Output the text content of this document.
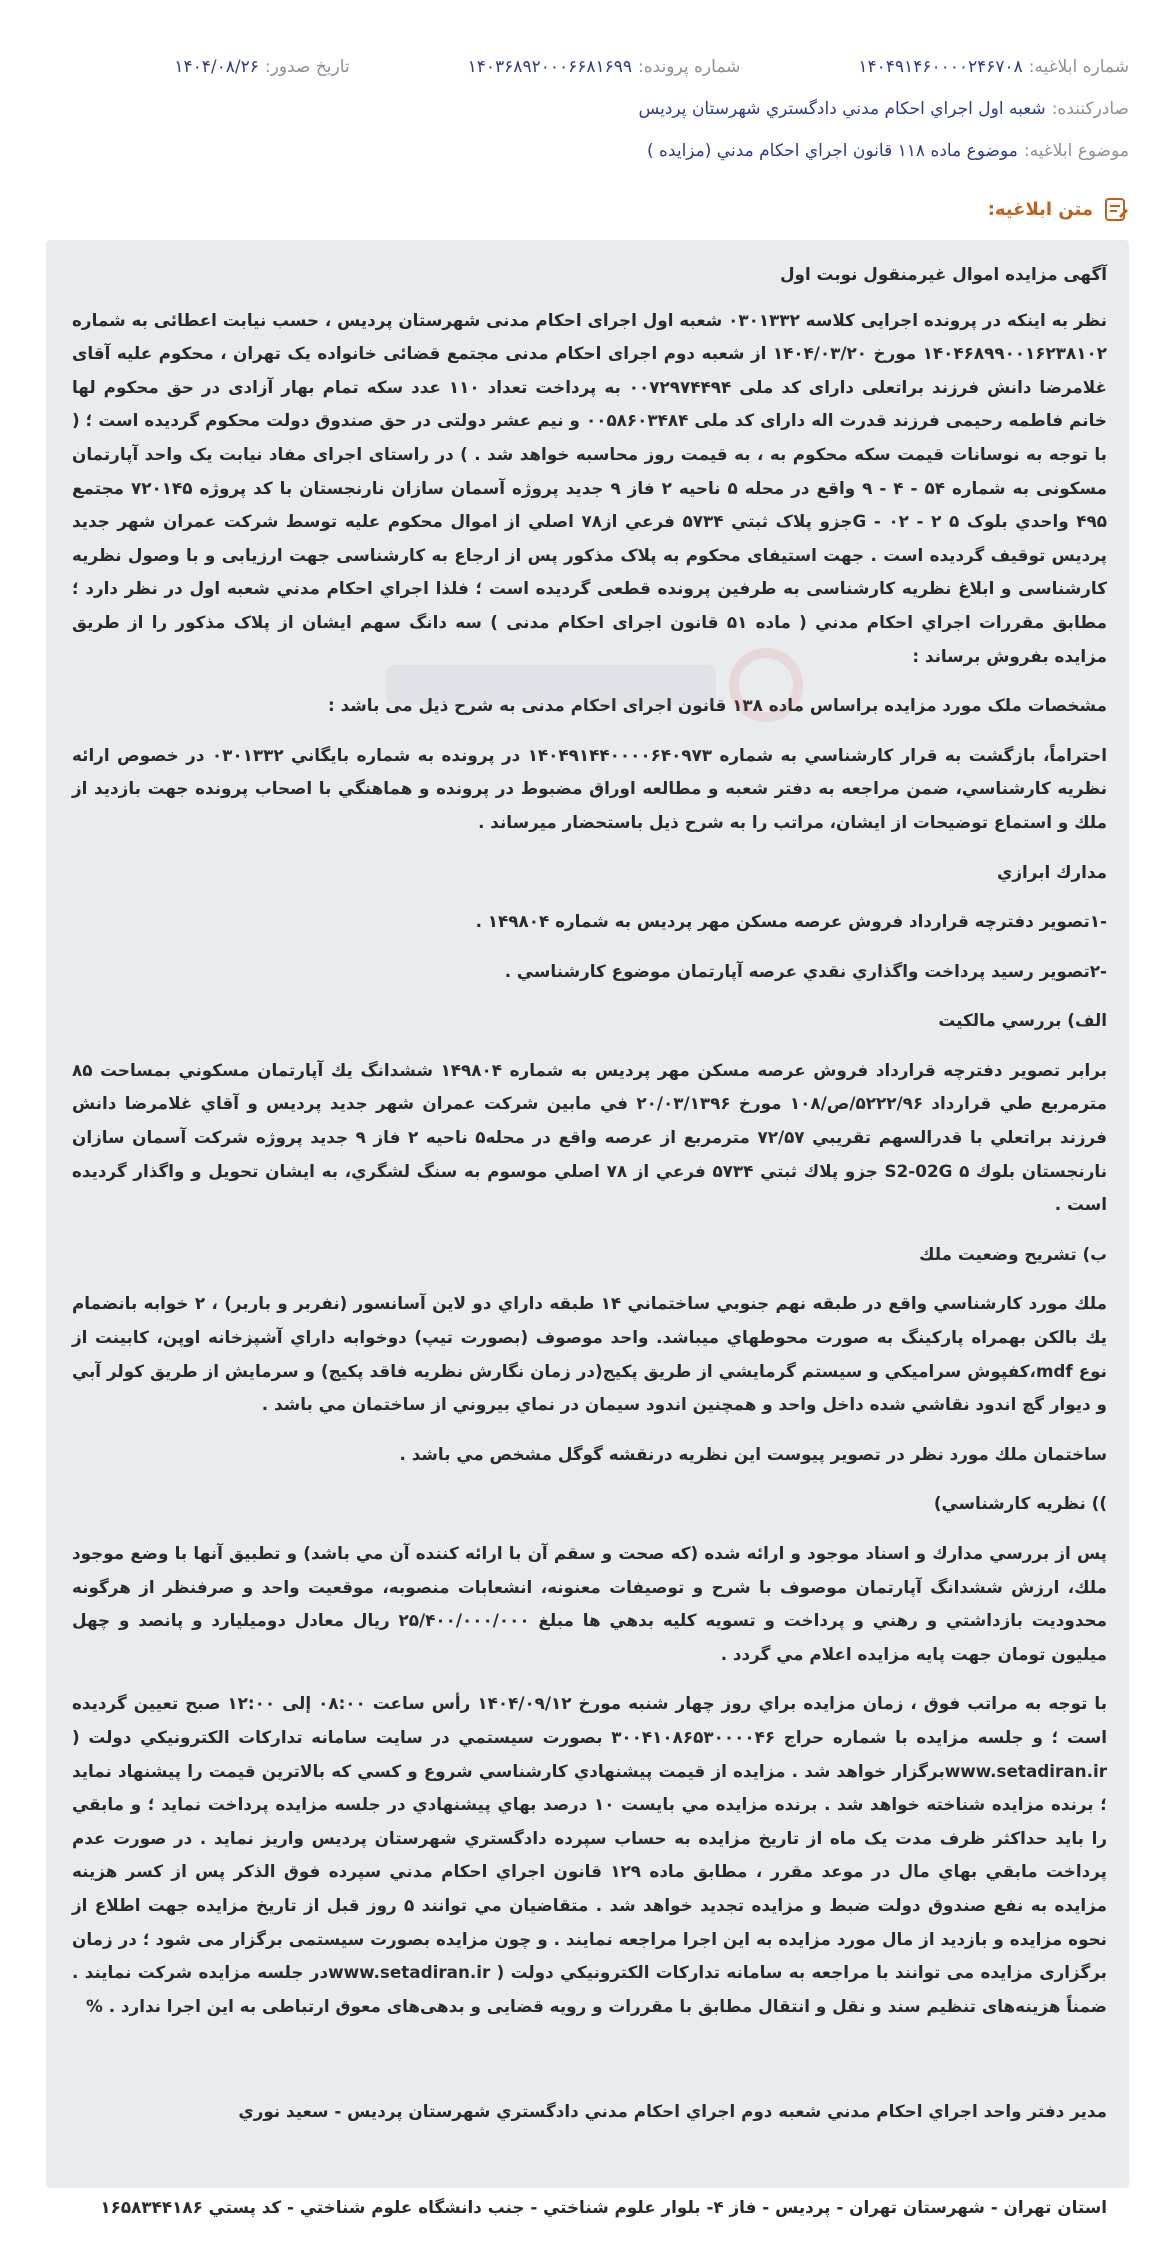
شماره ابلاغيه:
۱۴۰۴۹۱۴۶۰۰۰۰۲۴۶۷۰۸
شماره پرونده:
۱۴۰۳۶۸۹۲۰۰۰۶۶۸۱۶۹۹
تاریخ صدور:
۱۴۰۴/۰۸/۲۶
صادرکننده:
شعبه اول اجراي احكام مدني دادگستري شهرستان پرديس
موضوع ابلاغيه:
موضوع ماده ۱۱۸ قانون اجراي احكام مدني (مزايده )
متن ابلاغيه:
آگهی مزایده اموال غیرمنقول نوبت اول
نظر به اینکه در پرونده اجرایی کلاسه ۰۳۰۱۳۳۲ شعبه اول اجرای احکام مدنی شهرستان پردیس ، حسب نیابت اعطائی به شماره ۱۴۰۴۶۸۹۹۰۰۱۶۲۳۸۱۰۲ مورخ ۱۴۰۴/۰۳/۲۰ از شعبه دوم اجرای احکام مدنی مجتمع قضائی خانواده یک تهران ، محکوم علیه آقای غلامرضا دانش فرزند براتعلی دارای کد ملی ۰۰۷۲۹۷۴۴۹۴ به پرداخت تعداد ۱۱۰ عدد سکه تمام بهار آزادی در حق محکوم لها خانم فاطمه رحیمی فرزند قدرت اله دارای کد ملی ۰۰۵۸۶۰۳۴۸۴ و نیم عشر دولتی در حق صندوق دولت محکوم گردیده است ؛ ( با توجه به نوسانات قیمت سکه محکوم به ، به قیمت روز محاسبه خواهد شد . ) در راستای اجرای مفاد نیابت یک واحد آپارتمان مسکونی به شماره ۵۴ - ۴ - ۹ واقع در محله ۵ ناحیه ۲ فاز ۹ جدید پروژه آسمان سازان نارنجستان با کد پروژه ۷۲۰۱۴۵ مجتمع ۴۹۵ واحدي بلوک ۵ G - ۰۲ - ۲جزو پلاک ثبتي ۵۷۳۴ فرعي از۷۸ اصلي از اموال محکوم علیه توسط شرکت عمران شهر جدید پردیس توقیف گردیده است . جهت استیفای محکوم به پلاک مذکور پس از ارجاع به کارشناسی جهت ارزیابی و با وصول نظریه کارشناسی و ابلاغ نظریه کارشناسی به طرفین پرونده قطعی گردیده است ؛ فلذا اجراي احكام مدني شعبه اول در نظر دارد ؛ مطابق مقررات اجراي احكام مدني ( ماده ۵۱ قانون اجرای احکام مدنی ) سه دانگ سهم ایشان از پلاک مذکور را از طریق مزایده بفروش برساند :
مشخصات ملک مورد مزایده براساس ماده ۱۳۸ قانون اجرای احکام مدنی به شرح ذیل می باشد :
احتراماً، بازگشت به قرار كارشناسي به شماره ۱۴۰۴۹۱۴۴۰۰۰۰۶۴۰۹۷۳ در پرونده به شماره بايگاني ۰۳۰۱۳۳۲ در خصوص ارائه نظريه كارشناسي، ضمن مراجعه به دفتر شعبه و مطالعه اوراق مضبوط در پرونده و هماهنگي با اصحاب پرونده جهت بازديد از ملك و استماع توضيحات از ايشان، مراتب را به شرح ذيل باستحضار ميرساند .
مدارك ابرازي
-۱تصوير دفترچه قرارداد فروش عرصه مسكن مهر پرديس به شماره ۱۴۹۸۰۴ .
-۲تصوير رسيد پرداخت واگذاري نقدي عرصه آپارتمان موضوع كارشناسي .
الف) بررسي مالكيت
برابر تصوير دفترچه قرارداد فروش عرصه مسكن مهر پرديس به شماره ۱۴۹۸۰۴ ششدانگ يك آپارتمان مسكوني بمساحت ۸۵ مترمربع طي قرارداد ۵۲۲۲/۹۶/ص/۱۰۸ مورخ ۲۰/۰۳/۱۳۹۶ في مابين شركت عمران شهر جديد پرديس و آقاي غلامرضا دانش فرزند براتعلي با قدرالسهم تقريبي ۷۲/۵۷ مترمربع از عرصه واقع در محله۵ ناحيه ۲ فاز ۹ جديد پروژه شركت آسمان سازان نارنجستان بلوك ۵ S2-02G جزو پلاك ثبتي ۵۷۳۴ فرعي از ۷۸ اصلي موسوم به سنگ لشگري، به ايشان تحويل و واگذار گرديده است .
ب) تشريح وضعيت ملك
ملك مورد كارشناسي واقع در طبقه نهم جنوبي ساختماني ۱۴ طبقه داراي دو لاين آسانسور (نفربر و باربر) ، ۲ خوابه بانضمام يك بالكن بهمراه پاركينگ به صورت محوطهاي ميباشد. واحد موصوف (بصورت تيپ) دوخوابه داراي آشپزخانه اوپن، كابينت از نوع mdf،كفپوش سراميكي و سيستم گرمايشي از طريق پكيج(در زمان نگارش نظريه فاقد پكيج) و سرمايش از طريق كولر آبي و ديوار گچ اندود نقاشي شده داخل واحد و همچنين اندود سيمان در نماي بيروني از ساختمان مي باشد .
ساختمان ملك مورد نظر در تصوير پيوست اين نظريه درنقشه گوگل مشخص مي باشد .
)) نظريه كارشناسي)
پس از بررسي مدارك و اسناد موجود و ارائه شده (كه صحت و سقم آن با ارائه كننده آن مي باشد) و تطبيق آنها با وضع موجود ملك، ارزش ششدانگ آپارتمان موصوف با شرح و توصيفات معنونه، انشعابات منصوبه، موقعيت واحد و صرفنظر از هرگونه محدوديت بازداشتي و رهني و پرداخت و تسويه كليه بدهي ها مبلغ ۲۵/۴۰۰/۰۰۰/۰۰۰ ريال معادل دوميليارد و پانصد و چهل ميليون تومان جهت پايه مزايده اعلام مي گردد .
با توجه به مراتب فوق ، زمان مزايده براي روز چهار شنبه مورخ ۱۴۰۴/۰۹/۱۲ رأس ساعت ۰۸:۰۰ إلی ۱۲:۰۰ صبح تعيين گرديده است ؛ و جلسه مزايده با شماره حراج ۳۰۰۴۱۰۸۶۵۳۰۰۰۰۴۶ بصورت سيستمي در سايت سامانه تدارکات الکترونيکي دولت ( www.setadiran.irبرگزار خواهد شد . مزايده از قيمت پيشنهادي کارشناسي شروع و کسي که بالاترين قيمت را پيشنهاد نمايد ؛ برنده مزايده شناخته خواهد شد . برنده مزايده مي بايست ۱۰ درصد بهاي پيشنهادي در جلسه مزايده پرداخت نمايد ؛ و مابقي را بايد حداکثر ظرف مدت يک ماه از تاريخ مزايده به حساب سپرده دادگستري شهرستان پرديس واريز نمايد . در صورت عدم پرداخت مابقي بهاي مال در موعد مقرر ، مطابق ماده ۱۲۹ قانون اجراي احکام مدني سپرده فوق الذکر پس از کسر هزينه مزايده به نفع صندوق دولت ضبط و مزايده تجديد خواهد شد . متقاضيان مي توانند ۵ روز قبل از تاريخ مزايده جهت اطلاع از نحوه مزايده و بازديد از مال مورد مزايده به اين اجرا مراجعه نمايند . و چون مزايده بصورت سيستمی برگزار می شود ؛ در زمان برگزاری مزايده می توانند با مراجعه به سامانه تدارکات الکترونيکي دولت ( www.setadiran.irدر جلسه مزايده شرکت نمايند . ضمناً هزينه‌های تنظيم سند و نقل و انتقال مطابق با مقررات و رويه قضايی و بدهی‌های معوق ارتباطی به اين اجرا ندارد . %
مدير دفتر واحد اجراي احكام مدني شعبه دوم اجراي احكام مدني دادگستري شهرستان پرديس - سعيد نوري
استان تهران - شهرستان تهران - پرديس - فاز ۴- بلوار علوم شناختي - جنب دانشگاه علوم شناختي - كد پستي ۱۶۵۸۳۴۴۱۸۶
